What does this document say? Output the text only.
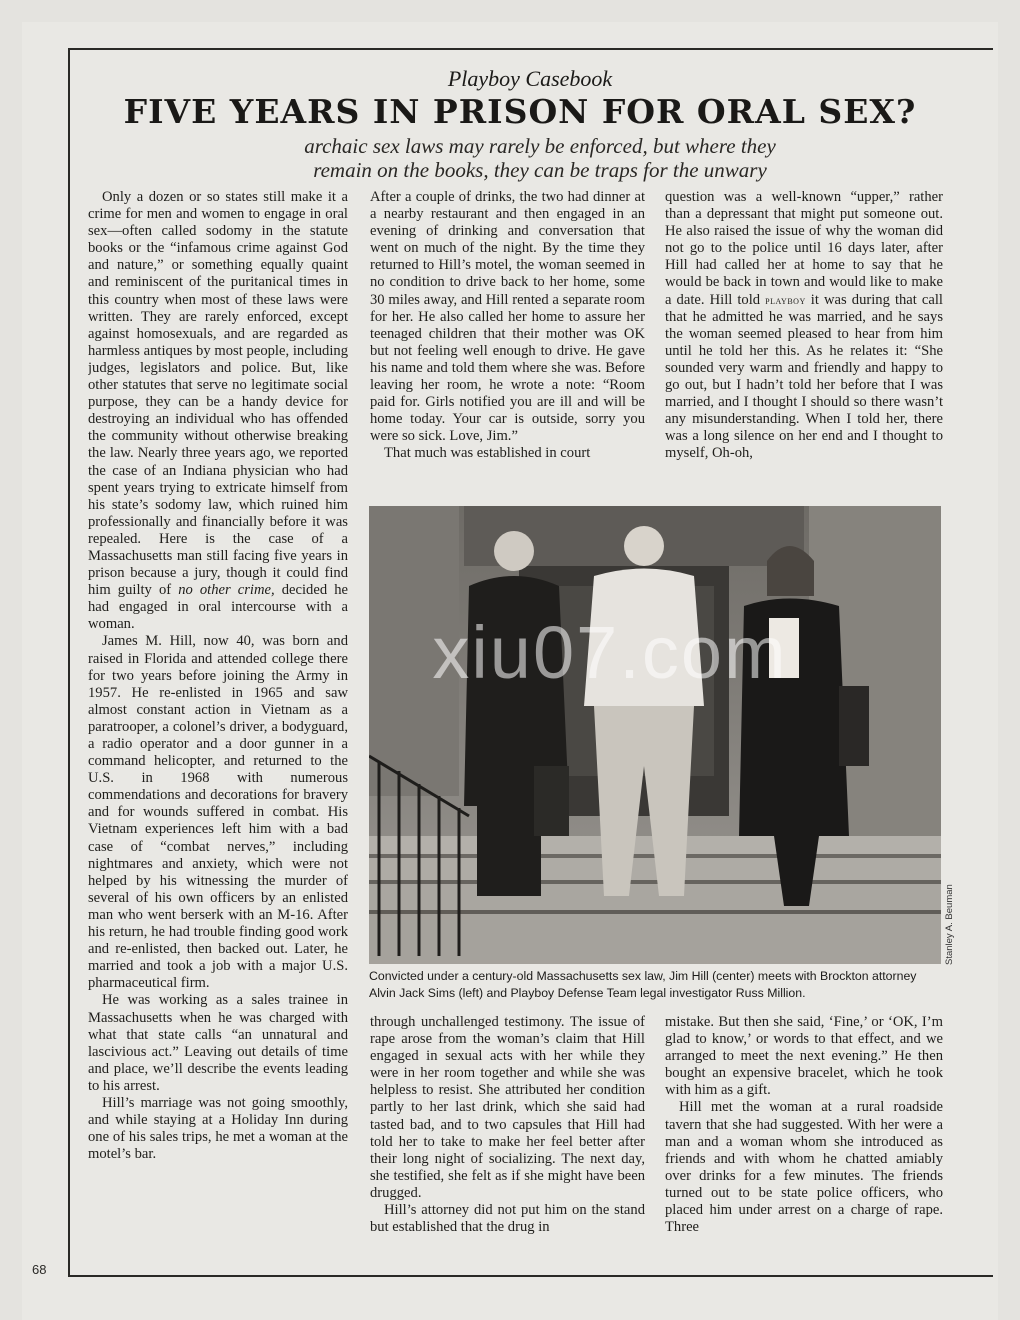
Playboy Casebook
FIVE YEARS IN PRISON FOR ORAL SEX?
archaic sex laws may rarely be enforced, but where they
remain on the books, they can be traps for the unwary

Only a dozen or so states still make it a crime for men and women to engage in oral sex—often called sodomy in the statute books or the “infamous crime against God and nature,” or something equally quaint and reminiscent of the puritanical times in this country when most of these laws were written. They are rarely enforced, except against homosexuals, and are regarded as harmless antiques by most people, including judges, legislators and police. But, like other statutes that serve no legitimate social purpose, they can be a handy device for destroying an individual who has offended the community without otherwise breaking the law. Nearly three years ago, we reported the case of an Indiana physician who had spent years trying to extricate himself from his state’s sodomy law, which ruined him professionally and financially before it was repealed. Here is the case of a Massachusetts man still facing five years in prison because a jury, though it could find him guilty of no other crime, decided he had engaged in oral intercourse with a woman.

James M. Hill, now 40, was born and raised in Florida and attended college there for two years before joining the Army in 1957. He re-enlisted in 1965 and saw almost constant action in Vietnam as a paratrooper, a colonel’s driver, a bodyguard, a radio operator and a door gunner in a command helicopter, and returned to the U.S. in 1968 with numerous commendations and decorations for bravery and for wounds suffered in combat. His Vietnam experiences left him with a bad case of “combat nerves,” including nightmares and anxiety, which were not helped by his witnessing the murder of several of his own officers by an enlisted man who went berserk with an M-16. After his return, he had trouble finding good work and re-enlisted, then backed out. Later, he married and took a job with a major U.S. pharmaceutical firm.

He was working as a sales trainee in Massachusetts when he was charged with what that state calls “an unnatural and lascivious act.” Leaving out details of time and place, we’ll describe the events leading to his arrest.

Hill’s marriage was not going smoothly, and while staying at a Holiday Inn during one of his sales trips, he met a woman at the motel’s bar.

After a couple of drinks, the two had dinner at a nearby restaurant and then engaged in an evening of drinking and conversation that went on much of the night. By the time they returned to Hill’s motel, the woman seemed in no condition to drive back to her home, some 30 miles away, and Hill rented a separate room for her. He also called her home to assure her teenaged children that their mother was OK but not feeling well enough to drive. He gave his name and told them where she was. Before leaving her room, he wrote a note: “Room paid for. Girls notified you are ill and will be home today. Your car is outside, sorry you were so sick. Love, Jim.”

That much was established in court

question was a well-known “upper,” rather than a depressant that might put someone out. He also raised the issue of why the woman did not go to the police until 16 days later, after Hill had called her at home to say that he would be back in town and would like to make a date. Hill told playboy it was during that call that he admitted he was married, and he says the woman seemed pleased to hear from him until he told her this. As he relates it: “She sounded very warm and friendly and happy to go out, but I hadn’t told her before that I was married, and I thought I should so there wasn’t any misunderstanding. When I told her, there was a long silence on her end and I thought to myself, Oh-oh,

xiu07.com
Stanley A. Beuman
Convicted under a century-old Massachusetts sex law, Jim Hill (center) meets with Brockton attorney Alvin Jack Sims (left) and Playboy Defense Team legal investigator Russ Million.

through unchallenged testimony. The issue of rape arose from the woman’s claim that Hill engaged in sexual acts with her while they were in her room together and while she was helpless to resist. She attributed her condition partly to her last drink, which she said had tasted bad, and to two capsules that Hill had told her to take to make her feel better after their long night of socializing. The next day, she testified, she felt as if she might have been drugged.

Hill’s attorney did not put him on the stand but established that the drug in

mistake. But then she said, ‘Fine,’ or ‘OK, I’m glad to know,’ or words to that effect, and we arranged to meet the next evening.” He then bought an expensive bracelet, which he took with him as a gift.

Hill met the woman at a rural roadside tavern that she had suggested. With her were a man and a woman whom she introduced as friends and with whom he chatted amiably over drinks for a few minutes. The friends turned out to be state police officers, who placed him under arrest on a charge of rape. Three

68
